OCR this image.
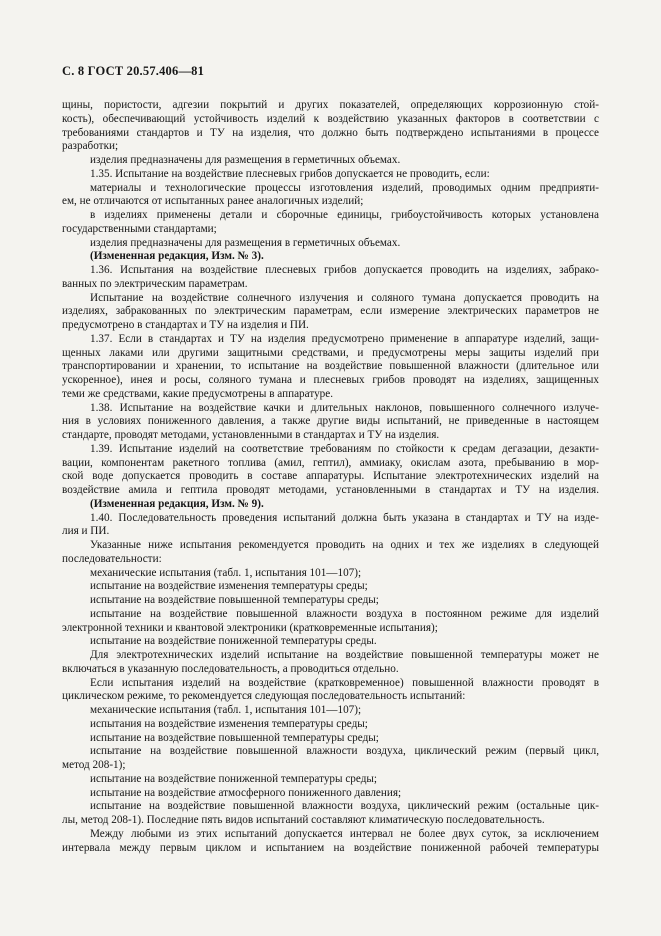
С. 8 ГОСТ 20.57.406—81
щины, пористости, адгезии покрытий и других показателей, определяющих коррозионную стой-
кость), обеспечивающий устойчивость изделий к воздействию указанных факторов в соответствии с
требованиями стандартов и ТУ на изделия, что должно быть подтверждено испытаниями в процессе
разработки;
изделия предназначены для размещения в герметичных объемах.
1.35. Испытание на воздействие плесневых грибов допускается не проводить, если:
материалы и технологические процессы изготовления изделий, проводимых одним предприяти-
ем, не отличаются от испытанных ранее аналогичных изделий;
в изделиях применены детали и сборочные единицы, грибоустойчивость которых установлена
государственными стандартами;
изделия предназначены для размещения в герметичных объемах.
(Измененная редакция, Изм. № 3).
1.36. Испытания на воздействие плесневых грибов допускается проводить на изделиях, забрако-
ванных по электрическим параметрам.
Испытание на воздействие солнечного излучения и соляного тумана допускается проводить на
изделиях, забракованных по электрическим параметрам, если измерение электрических параметров не
предусмотрено в стандартах и ТУ на изделия и ПИ.
1.37. Если в стандартах и ТУ на изделия предусмотрено применение в аппаратуре изделий, защи-
щенных лаками или другими защитными средствами, и предусмотрены меры защиты изделий при
транспортировании и хранении, то испытание на воздействие повышенной влажности (длительное или
ускоренное), инея и росы, соляного тумана и плесневых грибов проводят на изделиях, защищенных
теми же средствами, какие предусмотрены в аппаратуре.
1.38. Испытание на воздействие качки и длительных наклонов, повышенного солнечного излуче-
ния в условиях пониженного давления, а также другие виды испытаний, не приведенные в настоящем
стандарте, проводят методами, установленными в стандартах и ТУ на изделия.
1.39. Испытание изделий на соответствие требованиям по стойкости к средам дегазации, дезакти-
вации, компонентам ракетного топлива (амил, гептил), аммиаку, окислам азота, пребыванию в мор-
ской воде допускается проводить в составе аппаратуры. Испытание электротехнических изделий на
воздействие амила и гептила проводят методами, установленными в стандартах и ТУ на изделия.
(Измененная редакция, Изм. № 9).
1.40. Последовательность проведения испытаний должна быть указана в стандартах и ТУ на изде-
лия и ПИ.
Указанные ниже испытания рекомендуется проводить на одних и тех же изделиях в следующей
последовательности:
механические испытания (табл. 1, испытания 101—107);
испытание на воздействие изменения температуры среды;
испытание на воздействие повышенной температуры среды;
испытание на воздействие повышенной влажности воздуха в постоянном режиме для изделий
электронной техники и квантовой электроники (кратковременные испытания);
испытание на воздействие пониженной температуры среды.
Для электротехнических изделий испытание на воздействие повышенной температуры может не
включаться в указанную последовательность, а проводиться отдельно.
Если испытания изделий на воздействие (кратковременное) повышенной влажности проводят в
циклическом режиме, то рекомендуется следующая последовательность испытаний:
механические испытания (табл. 1, испытания 101—107);
испытания на воздействие изменения температуры среды;
испытание на воздействие повышенной температуры среды;
испытание на воздействие повышенной влажности воздуха, циклический режим (первый цикл,
метод 208-1);
испытание на воздействие пониженной температуры среды;
испытание на воздействие атмосферного пониженного давления;
испытание на воздействие повышенной влажности воздуха, циклический режим (остальные цик-
лы, метод 208-1). Последние пять видов испытаний составляют климатическую последовательность.
Между любыми из этих испытаний допускается интервал не более двух суток, за исключением
интервала между первым циклом и испытанием на воздействие пониженной рабочей температуры
